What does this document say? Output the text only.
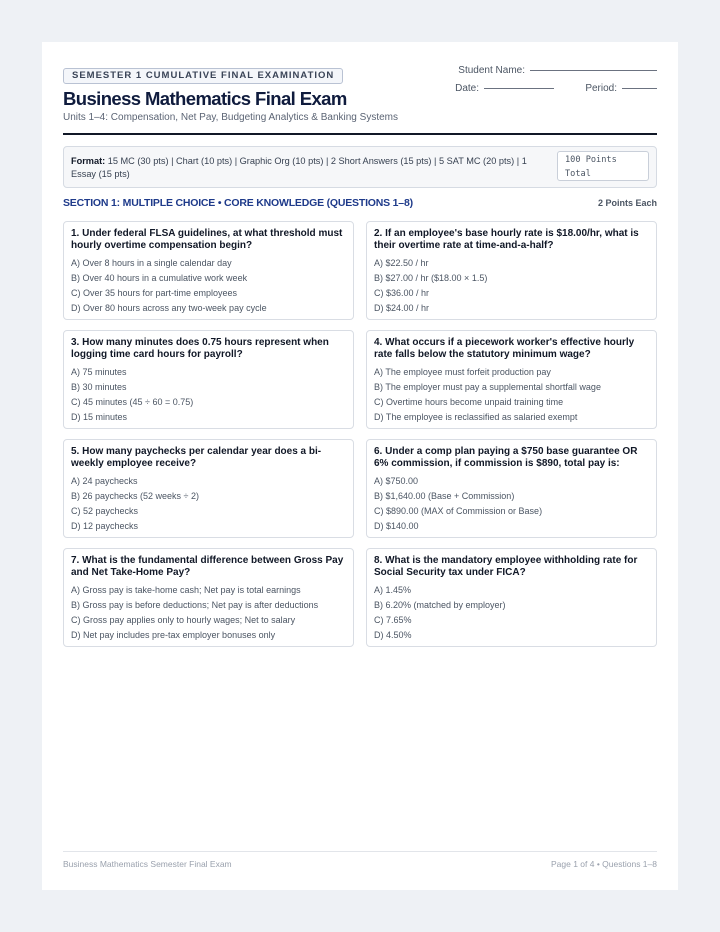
SEMESTER 1 CUMULATIVE FINAL EXAMINATION
Business Mathematics Final Exam
Units 1–4: Compensation, Net Pay, Budgeting Analytics & Banking Systems
Student Name:
Date:	Period:
Format: 15 MC (30 pts) | Chart (10 pts) | Graphic Org (10 pts) | 2 Short Answers (15 pts) | 5 SAT MC (20 pts) | 1 Essay (15 pts)
100 Points
Total
SECTION 1: MULTIPLE CHOICE • CORE KNOWLEDGE (QUESTIONS 1–8)	2 Points Each
1. Under federal FLSA guidelines, at what threshold must hourly overtime compensation begin?
A) Over 8 hours in a single calendar day
B) Over 40 hours in a cumulative work week
C) Over 35 hours for part-time employees
D) Over 80 hours across any two-week pay cycle
2. If an employee's base hourly rate is $18.00/hr, what is their overtime rate at time-and-a-half?
A) $22.50 / hr
B) $27.00 / hr ($18.00 × 1.5)
C) $36.00 / hr
D) $24.00 / hr
3. How many minutes does 0.75 hours represent when logging time card hours for payroll?
A) 75 minutes
B) 30 minutes
C) 45 minutes (45 ÷ 60 = 0.75)
D) 15 minutes
4. What occurs if a piecework worker's effective hourly rate falls below the statutory minimum wage?
A) The employee must forfeit production pay
B) The employer must pay a supplemental shortfall wage
C) Overtime hours become unpaid training time
D) The employee is reclassified as salaried exempt
5. How many paychecks per calendar year does a bi-weekly employee receive?
A) 24 paychecks
B) 26 paychecks (52 weeks ÷ 2)
C) 52 paychecks
D) 12 paychecks
6. Under a comp plan paying a $750 base guarantee OR 6% commission, if commission is $890, total pay is:
A) $750.00
B) $1,640.00 (Base + Commission)
C) $890.00 (MAX of Commission or Base)
D) $140.00
7. What is the fundamental difference between Gross Pay and Net Take-Home Pay?
A) Gross pay is take-home cash; Net pay is total earnings
B) Gross pay is before deductions; Net pay is after deductions
C) Gross pay applies only to hourly wages; Net to salary
D) Net pay includes pre-tax employer bonuses only
8. What is the mandatory employee withholding rate for Social Security tax under FICA?
A) 1.45%
B) 6.20% (matched by employer)
C) 7.65%
D) 4.50%
Business Mathematics Semester Final Exam	Page 1 of 4 • Questions 1–8
